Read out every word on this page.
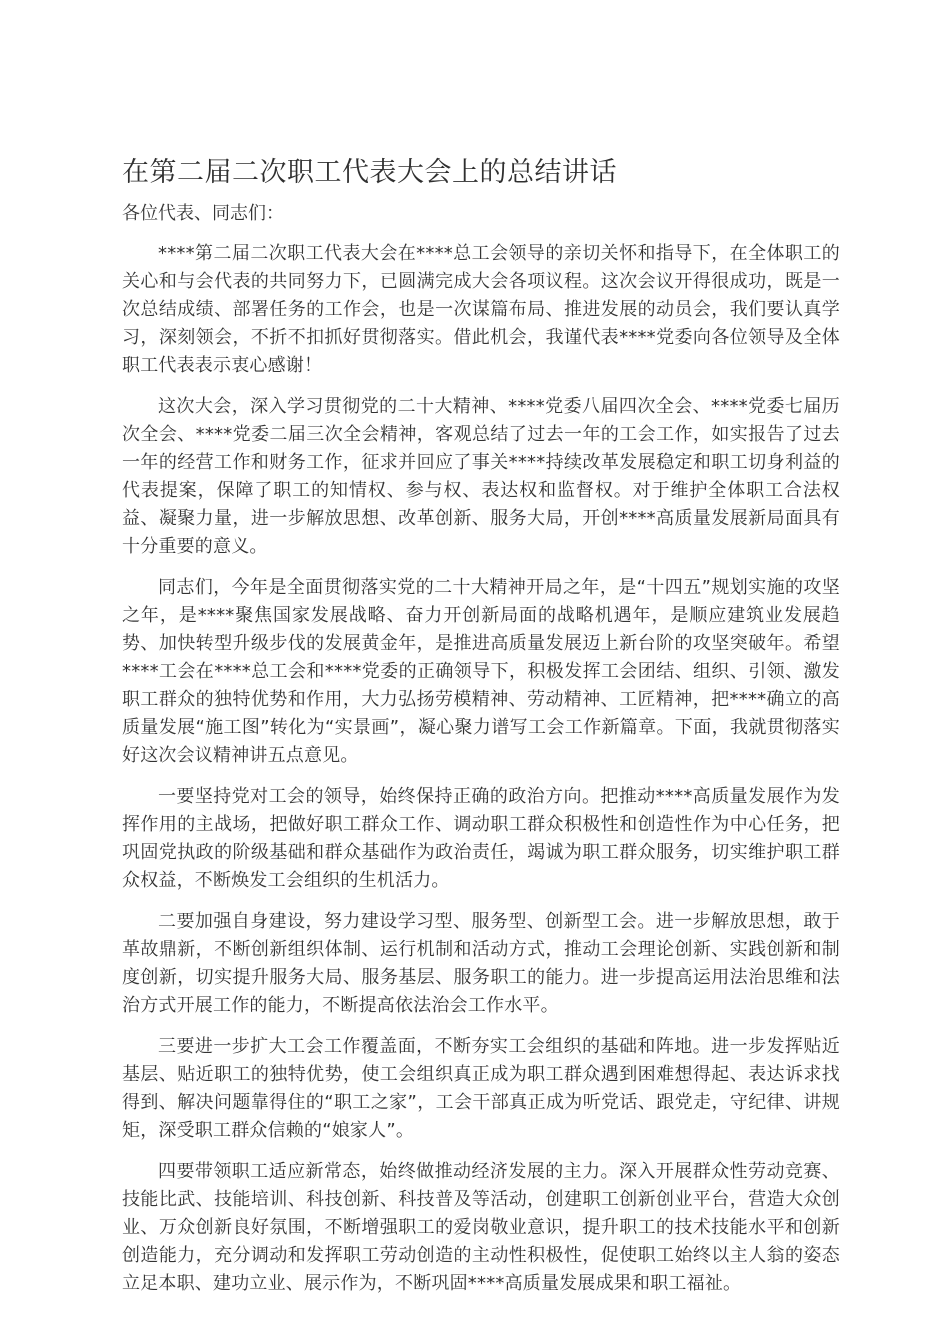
在第二届二次职工代表大会上的总结讲话

各位代表、同志们：

****第二届二次职工代表大会在****总工会领导的亲切关怀和指导下，在全体职工的关心和与会代表的共同努力下，已圆满完成大会各项议程。这次会议开得很成功，既是一次总结成绩、部署任务的工作会，也是一次谋篇布局、推进发展的动员会，我们要认真学习，深刻领会，不折不扣抓好贯彻落实。借此机会，我谨代表****党委向各位领导及全体职工代表表示衷心感谢！

这次大会，深入学习贯彻党的二十大精神、****党委八届四次全会、****党委七届历次全会、****党委二届三次全会精神，客观总结了过去一年的工会工作，如实报告了过去一年的经营工作和财务工作，征求并回应了事关****持续改革发展稳定和职工切身利益的代表提案，保障了职工的知情权、参与权、表达权和监督权。对于维护全体职工合法权益、凝聚力量，进一步解放思想、改革创新、服务大局，开创****高质量发展新局面具有十分重要的意义。

同志们，今年是全面贯彻落实党的二十大精神开局之年，是“十四五”规划实施的攻坚之年，是****聚焦国家发展战略、奋力开创新局面的战略机遇年，是顺应建筑业发展趋势、加快转型升级步伐的发展黄金年，是推进高质量发展迈上新台阶的攻坚突破年。希望****工会在****总工会和****党委的正确领导下，积极发挥工会团结、组织、引领、激发职工群众的独特优势和作用，大力弘扬劳模精神、劳动精神、工匠精神，把****确立的高质量发展“施工图”转化为“实景画”，凝心聚力谱写工会工作新篇章。下面，我就贯彻落实好这次会议精神讲五点意见。

一要坚持党对工会的领导，始终保持正确的政治方向。把推动****高质量发展作为发挥作用的主战场，把做好职工群众工作、调动职工群众积极性和创造性作为中心任务，把巩固党执政的阶级基础和群众基础作为政治责任，竭诚为职工群众服务，切实维护职工群众权益，不断焕发工会组织的生机活力。

二要加强自身建设，努力建设学习型、服务型、创新型工会。进一步解放思想，敢于革故鼎新，不断创新组织体制、运行机制和活动方式，推动工会理论创新、实践创新和制度创新，切实提升服务大局、服务基层、服务职工的能力。进一步提高运用法治思维和法治方式开展工作的能力，不断提高依法治会工作水平。

三要进一步扩大工会工作覆盖面，不断夯实工会组织的基础和阵地。进一步发挥贴近基层、贴近职工的独特优势，使工会组织真正成为职工群众遇到困难想得起、表达诉求找得到、解决问题靠得住的“职工之家”，工会干部真正成为听党话、跟党走，守纪律、讲规矩，深受职工群众信赖的“娘家人”。

四要带领职工适应新常态，始终做推动经济发展的主力。深入开展群众性劳动竞赛、技能比武、技能培训、科技创新、科技普及等活动，创建职工创新创业平台，营造大众创业、万众创新良好氛围，不断增强职工的爱岗敬业意识，提升职工的技术技能水平和创新创造能力，充分调动和发挥职工劳动创造的主动性积极性，促使职工始终以主人翁的姿态立足本职、建功立业、展示作为，不断巩固****高质量发展成果和职工福祉。
